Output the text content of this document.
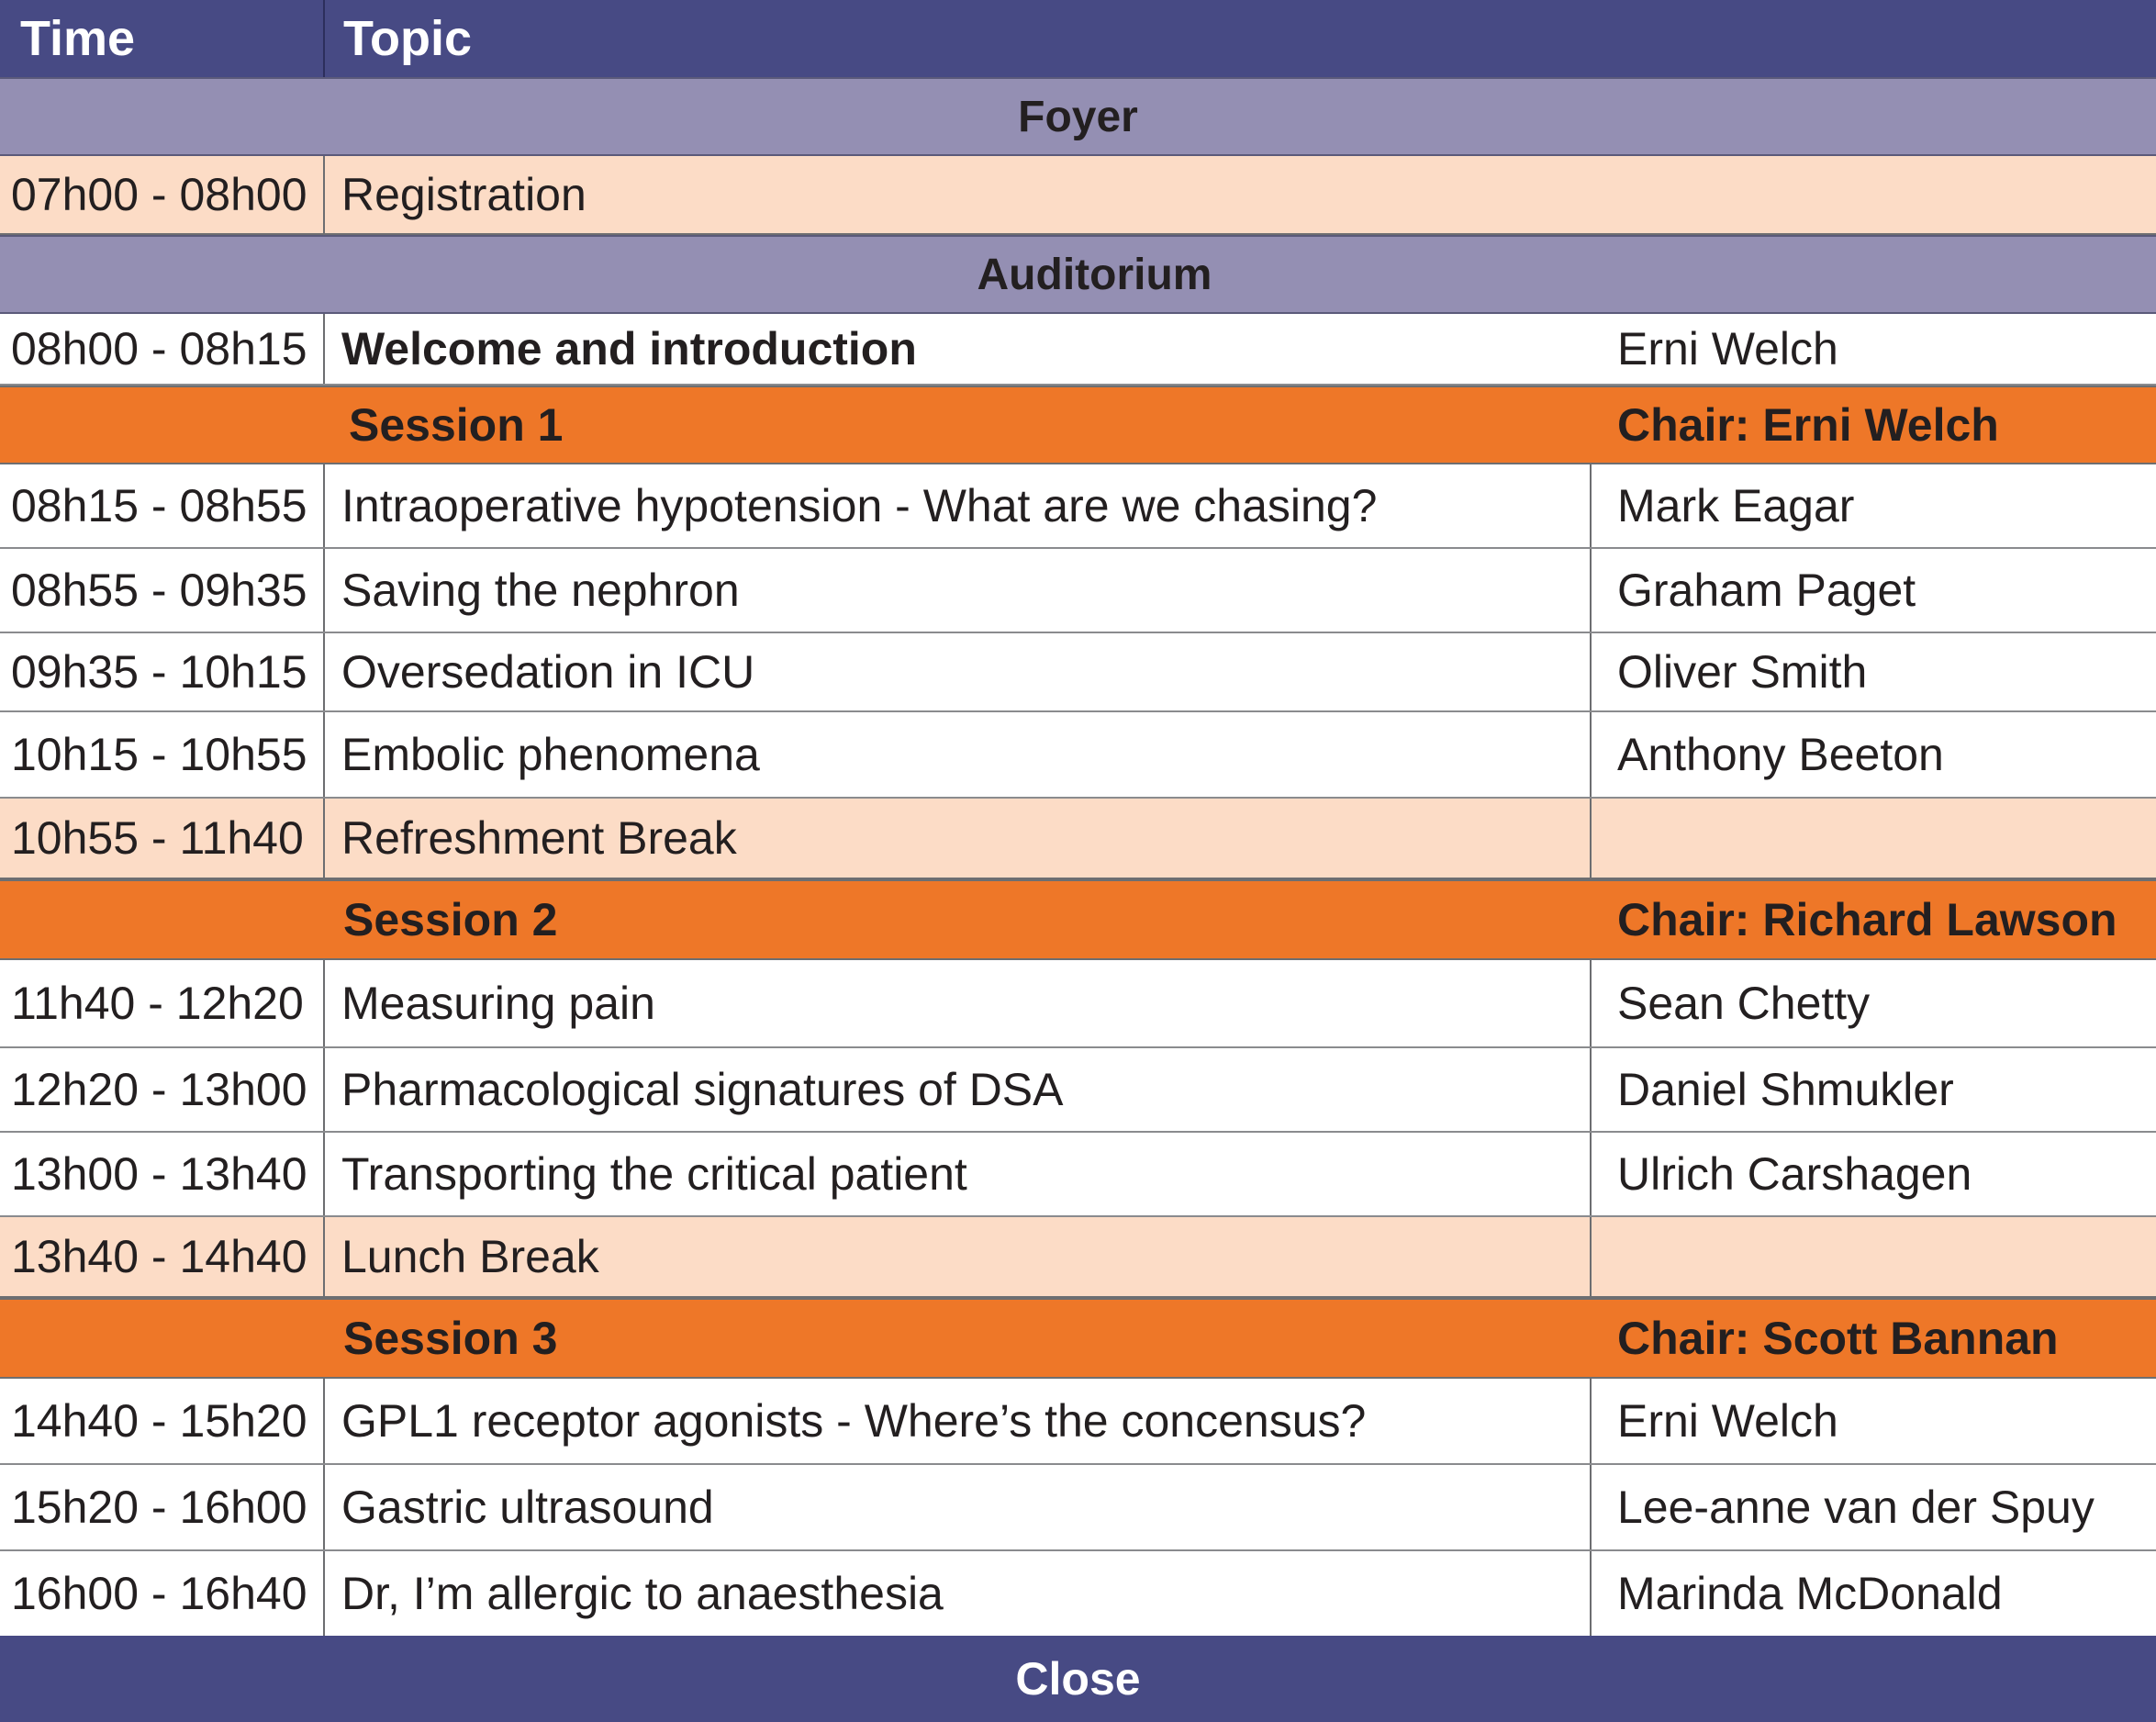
Time	Topic
Foyer
07h00 - 08h00 Registration
Auditorium
08h00 - 08h15 Welcome and introduction	Erni Welch
Session 1	Chair: Erni Welch
08h15 - 08h55 Intraoperative hypotension - What are we chasing?	Mark Eagar
08h55 - 09h35 Saving the nephron	Graham Paget
09h35 - 10h15 Oversedation in ICU	Oliver Smith
10h15 - 10h55 Embolic phenomena	Anthony Beeton
10h55 - 11h40 Refreshment Break
Session 2	Chair: Richard Lawson
11h40 - 12h20 Measuring pain	Sean Chetty
12h20 - 13h00 Pharmacological signatures of DSA	Daniel Shmukler
13h00 - 13h40 Transporting the critical patient	Ulrich Carshagen
13h40 - 14h40 Lunch Break
Session 3	Chair: Scott Bannan
14h40 - 15h20 GPL1 receptor agonists - Where’s the concensus?	Erni Welch
15h20 - 16h00 Gastric ultrasound	Lee-anne van der Spuy
16h00 - 16h40 Dr, I’m allergic to anaesthesia	Marinda McDonald
Close
